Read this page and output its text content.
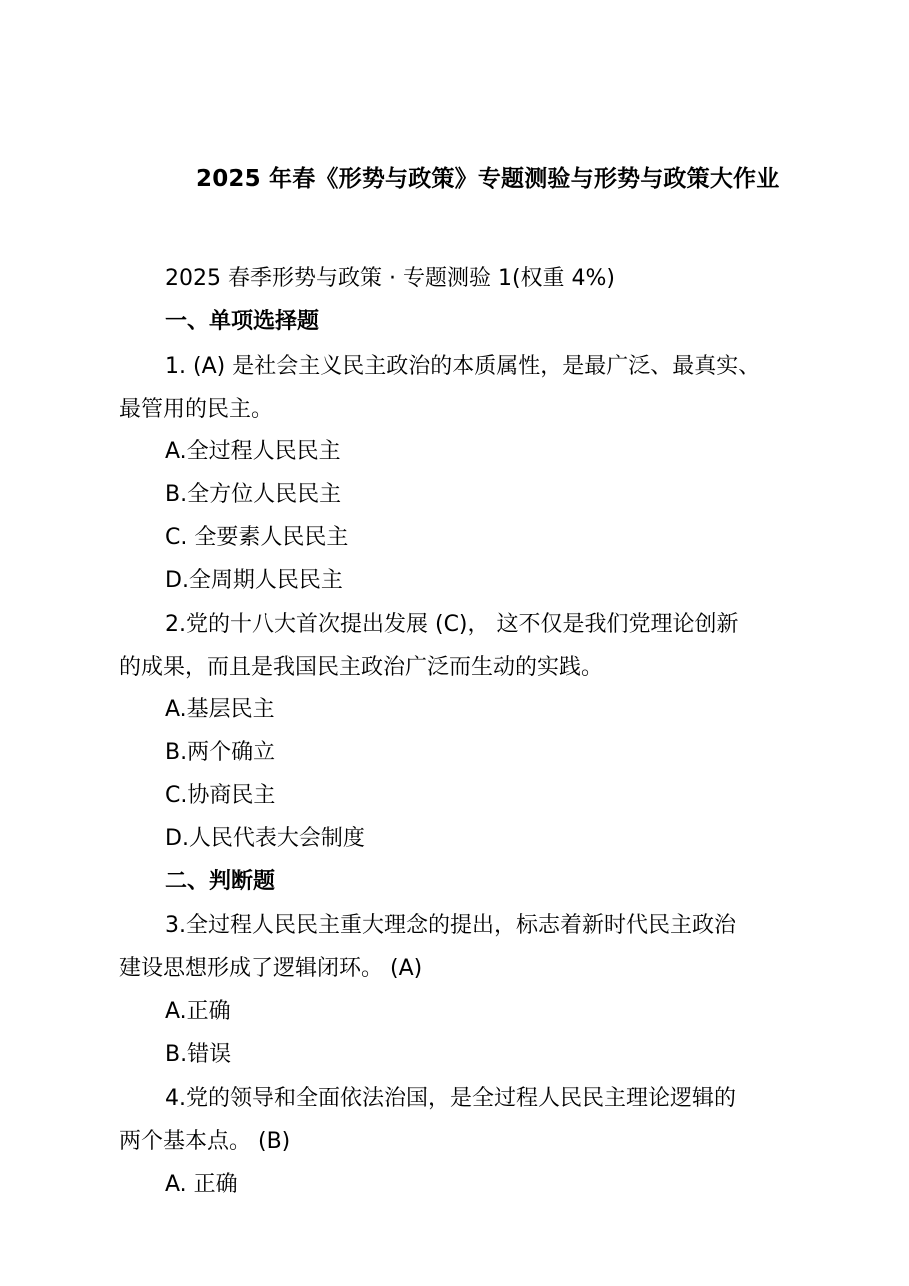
2025 年春《形势与政策》专题测验与形势与政策大作业
2025 春季形势与政策 · 专题测验 1(权重 4%)
一、单项选择题
1. (A) 是社会主义民主政治的本质属性，是最广泛、最真实、
最管用的民主。
A.全过程人民民主
B.全方位人民民主
C. 全要素人民民主
D.全周期人民民主
2.党的十八大首次提出发展 (C)， 这不仅是我们党理论创新
的成果，而且是我国民主政治广泛而生动的实践。
A.基层民主
B.两个确立
C.协商民主
D.人民代表大会制度
二、判断题
3.全过程人民民主重大理念的提出，标志着新时代民主政治
建设思想形成了逻辑闭环。 (A)
A.正确
B.错误
4.党的领导和全面依法治国，是全过程人民民主理论逻辑的
两个基本点。 (B)
A. 正确
